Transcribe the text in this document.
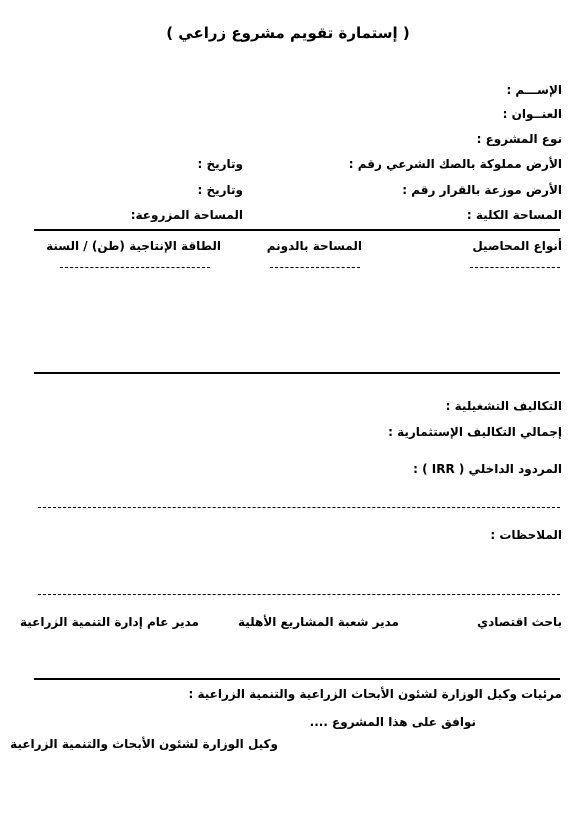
( إستمارة تقويم مشروع زراعي )
الإســـم :
العنــوان :
نوع المشروع :
الأرض مملوكة بالصك الشرعي رقم :
وتاريخ :
الأرض موزعة بالقرار رقم :
وتاريخ :
المساحة الكلية :
المساحة المزروعة:
أنواع المحاصيل
المساحة بالدونم
الطاقة الإنتاجية (طن) / السنة
التكاليف التشغيلية :
إجمالي التكاليف الإستثمارية :
المردود الداخلي ( IRR ) :
الملاحظات :
باحث اقتصادي
مدير شعبة المشاريع الأهلية
مدير عام إدارة التنمية الزراعية
مرئيات وكيل الوزارة لشئون الأبحاث الزراعية والتنمية الزراعية :
نوافق على هذا المشروع ....
وكيل الوزارة لشئون الأبحاث والتنمية الزراعية
